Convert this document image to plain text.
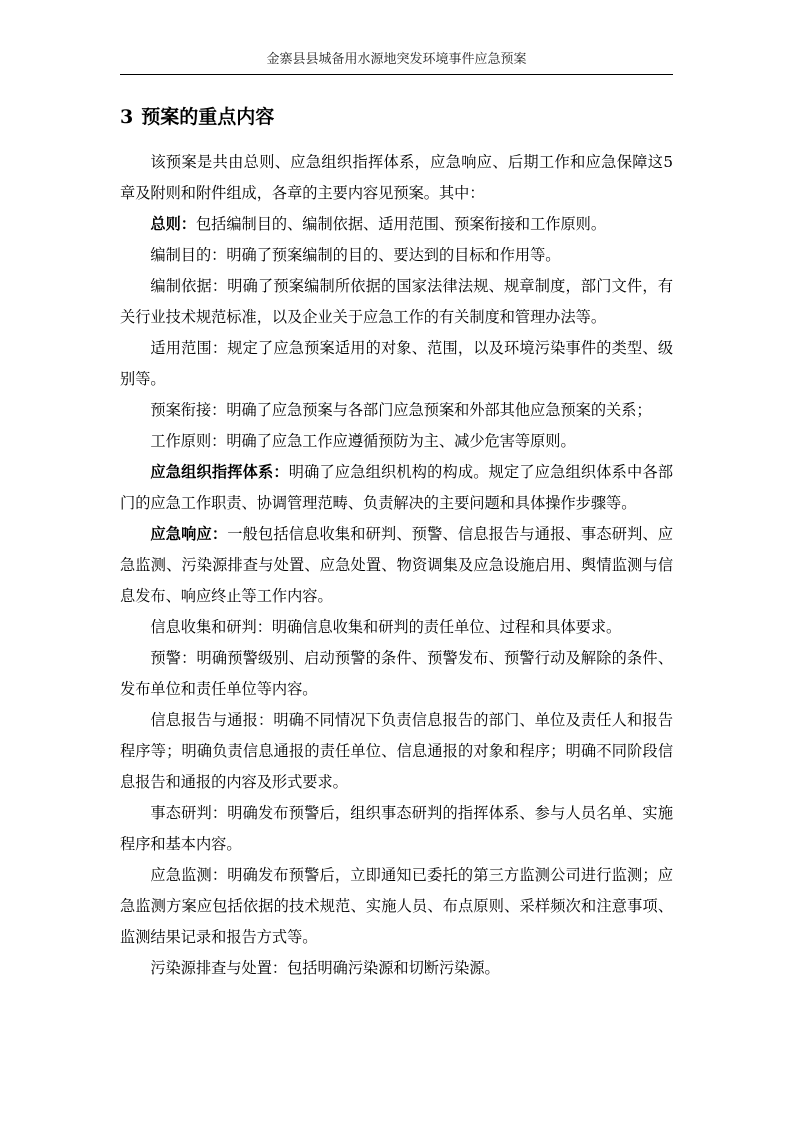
金寨县县城备用水源地突发环境事件应急预案
3 预案的重点内容

该预案是共由总则、应急组织指挥体系，应急响应、后期工作和应急保障这5章及附则和附件组成，各章的主要内容见预案。其中：

总则：包括编制目的、编制依据、适用范围、预案衔接和工作原则。

编制目的：明确了预案编制的目的、要达到的目标和作用等。

编制依据：明确了预案编制所依据的国家法律法规、规章制度，部门文件，有关行业技术规范标准，以及企业关于应急工作的有关制度和管理办法等。

适用范围：规定了应急预案适用的对象、范围，以及环境污染事件的类型、级别等。

预案衔接：明确了应急预案与各部门应急预案和外部其他应急预案的关系；

工作原则：明确了应急工作应遵循预防为主、减少危害等原则。

应急组织指挥体系：明确了应急组织机构的构成。规定了应急组织体系中各部门的应急工作职责、协调管理范畴、负责解决的主要问题和具体操作步骤等。

应急响应：一般包括信息收集和研判、预警、信息报告与通报、事态研判、应急监测、污染源排查与处置、应急处置、物资调集及应急设施启用、舆情监测与信息发布、响应终止等工作内容。

信息收集和研判：明确信息收集和研判的责任单位、过程和具体要求。

预警：明确预警级别、启动预警的条件、预警发布、预警行动及解除的条件、发布单位和责任单位等内容。

信息报告与通报：明确不同情况下负责信息报告的部门、单位及责任人和报告程序等；明确负责信息通报的责任单位、信息通报的对象和程序；明确不同阶段信息报告和通报的内容及形式要求。

事态研判：明确发布预警后，组织事态研判的指挥体系、参与人员名单、实施程序和基本内容。

应急监测：明确发布预警后，立即通知已委托的第三方监测公司进行监测；应急监测方案应包括依据的技术规范、实施人员、布点原则、采样频次和注意事项、监测结果记录和报告方式等。

污染源排查与处置：包括明确污染源和切断污染源。
